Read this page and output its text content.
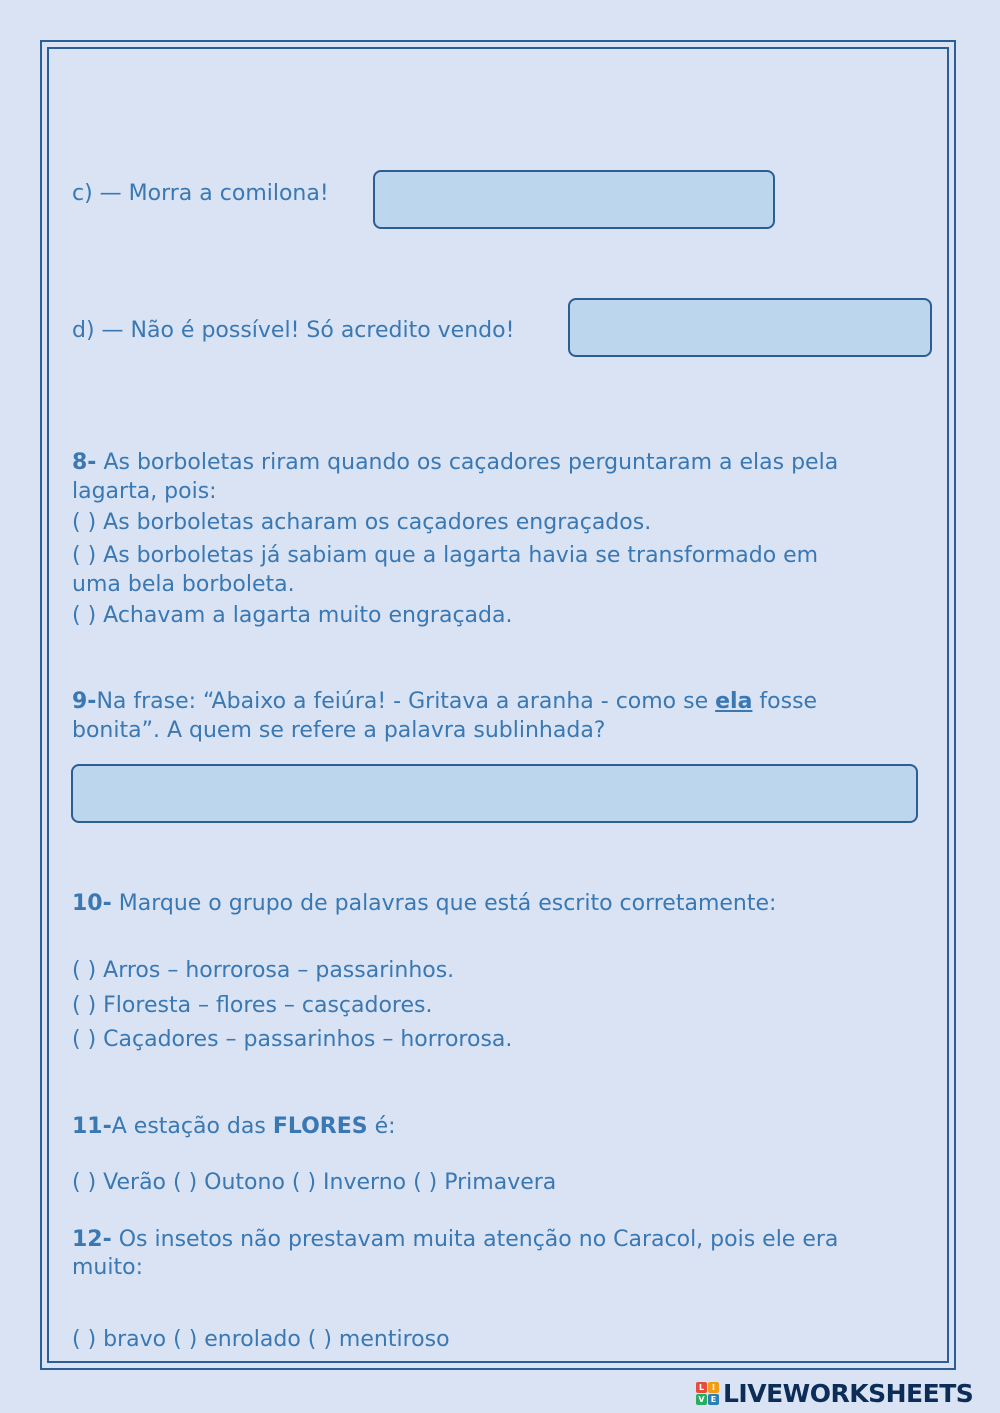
c) — Morra a comilona!
d) — Não é possível! Só acredito vendo!
8- As borboletas riram quando os caçadores perguntaram a elas pela
lagarta, pois:
( ) As borboletas acharam os caçadores engraçados.
( ) As borboletas já sabiam que a lagarta havia se transformado em
uma bela borboleta.
( ) Achavam a lagarta muito engraçada.
9-Na frase: “Abaixo a feiúra! - Gritava a aranha - como se ela fosse
bonita”. A quem se refere a palavra sublinhada?
10- Marque o grupo de palavras que está escrito corretamente:
( ) Arros – horrorosa – passarinhos.
( ) Floresta – flores – casçadores.
( ) Caçadores – passarinhos – horrorosa.
11-A estação das FLORES é:
( ) Verão ( ) Outono ( ) Inverno ( ) Primavera
12- Os insetos não prestavam muita atenção no Caracol, pois ele era
muito:
( ) bravo ( ) enrolado ( ) mentiroso
L I
V E LIVEWORKSHEETS
